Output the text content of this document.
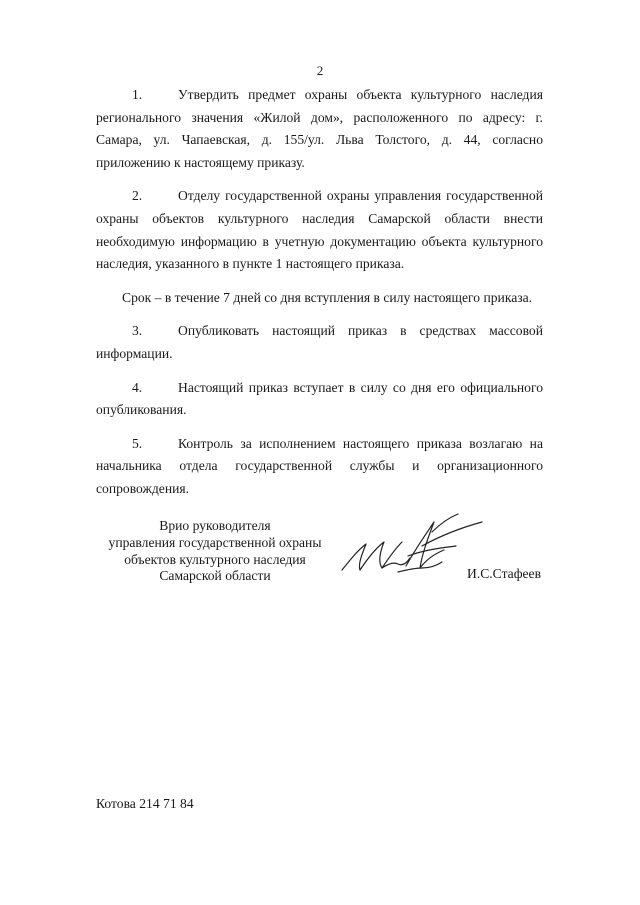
2

1.	Утвердить предмет охраны объекта культурного наследия регионального значения «Жилой дом», расположенного по адресу: г. Самара, ул. Чапаевская, д. 155/ул. Льва Толстого, д. 44, согласно приложению к настоящему приказу.

2.	Отделу государственной охраны управления государственной охраны объектов культурного наследия Самарской области внести необходимую информацию в учетную документацию объекта культурного наследия, указанного в пункте 1 настоящего приказа.

Срок – в течение 7 дней со дня вступления в силу настоящего приказа.

3.	Опубликовать настоящий приказ в средствах массовой информации.

4.	Настоящий приказ вступает в силу со дня его официального опубликования.

5.	Контроль за исполнением настоящего приказа возлагаю на начальника отдела государственной службы и организационного сопровождения.

Врио руководителя
управления государственной охраны
объектов культурного наследия
Самарской области	И.С.Стафеев
Котова 214 71 84
